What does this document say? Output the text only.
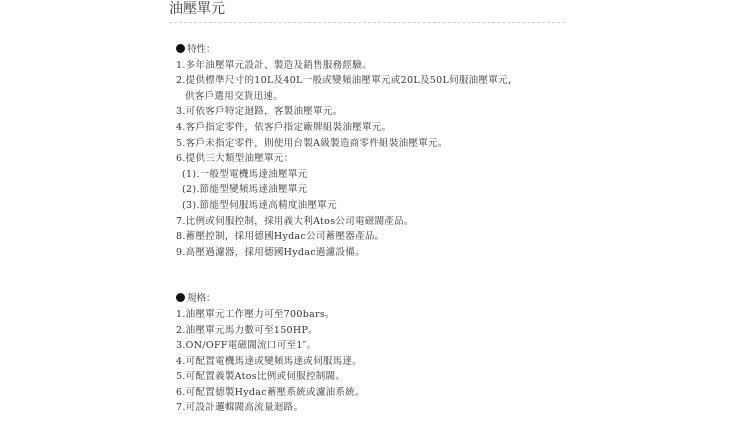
油壓單元
特性：
1.多年油壓單元設計、製造及銷售服務經驗。
2.提供標準尺寸的10L及40L一般或變頻油壓單元或20L及50L伺服油壓單元，
供客戶選用交貨迅速。
3.可依客戶特定迴路，客製油壓單元。
4.客戶指定零件，依客戶指定廠牌組裝油壓單元。
5.客戶未指定零件，則使用台製A級製造商零件組裝油壓單元。
6.提供三大類型油壓單元：
(1).一般型電機馬達油壓單元
(2).節能型變頻馬達油壓單元
(3).節能型伺服馬達高精度油壓單元
7.比例或伺服控制，採用義大利Atos公司電磁閥產品。
8.蓄壓控制，採用德國Hydac公司蓄壓器產品。
9.高壓過濾器，採用德國Hydac過濾設備。
規格：
1.油壓單元工作壓力可至700bars。
2.油壓單元馬力數可至150HP。
3.ON/OFF電磁閥流口可至1″。
4.可配置電機馬達或變頻馬達或伺服馬達。
5.可配置義製Atos比例或伺服控制閥。
6.可配置德製Hydac蓄壓系統或濾油系統。
7.可設計邏輯閥高流量迴路。
